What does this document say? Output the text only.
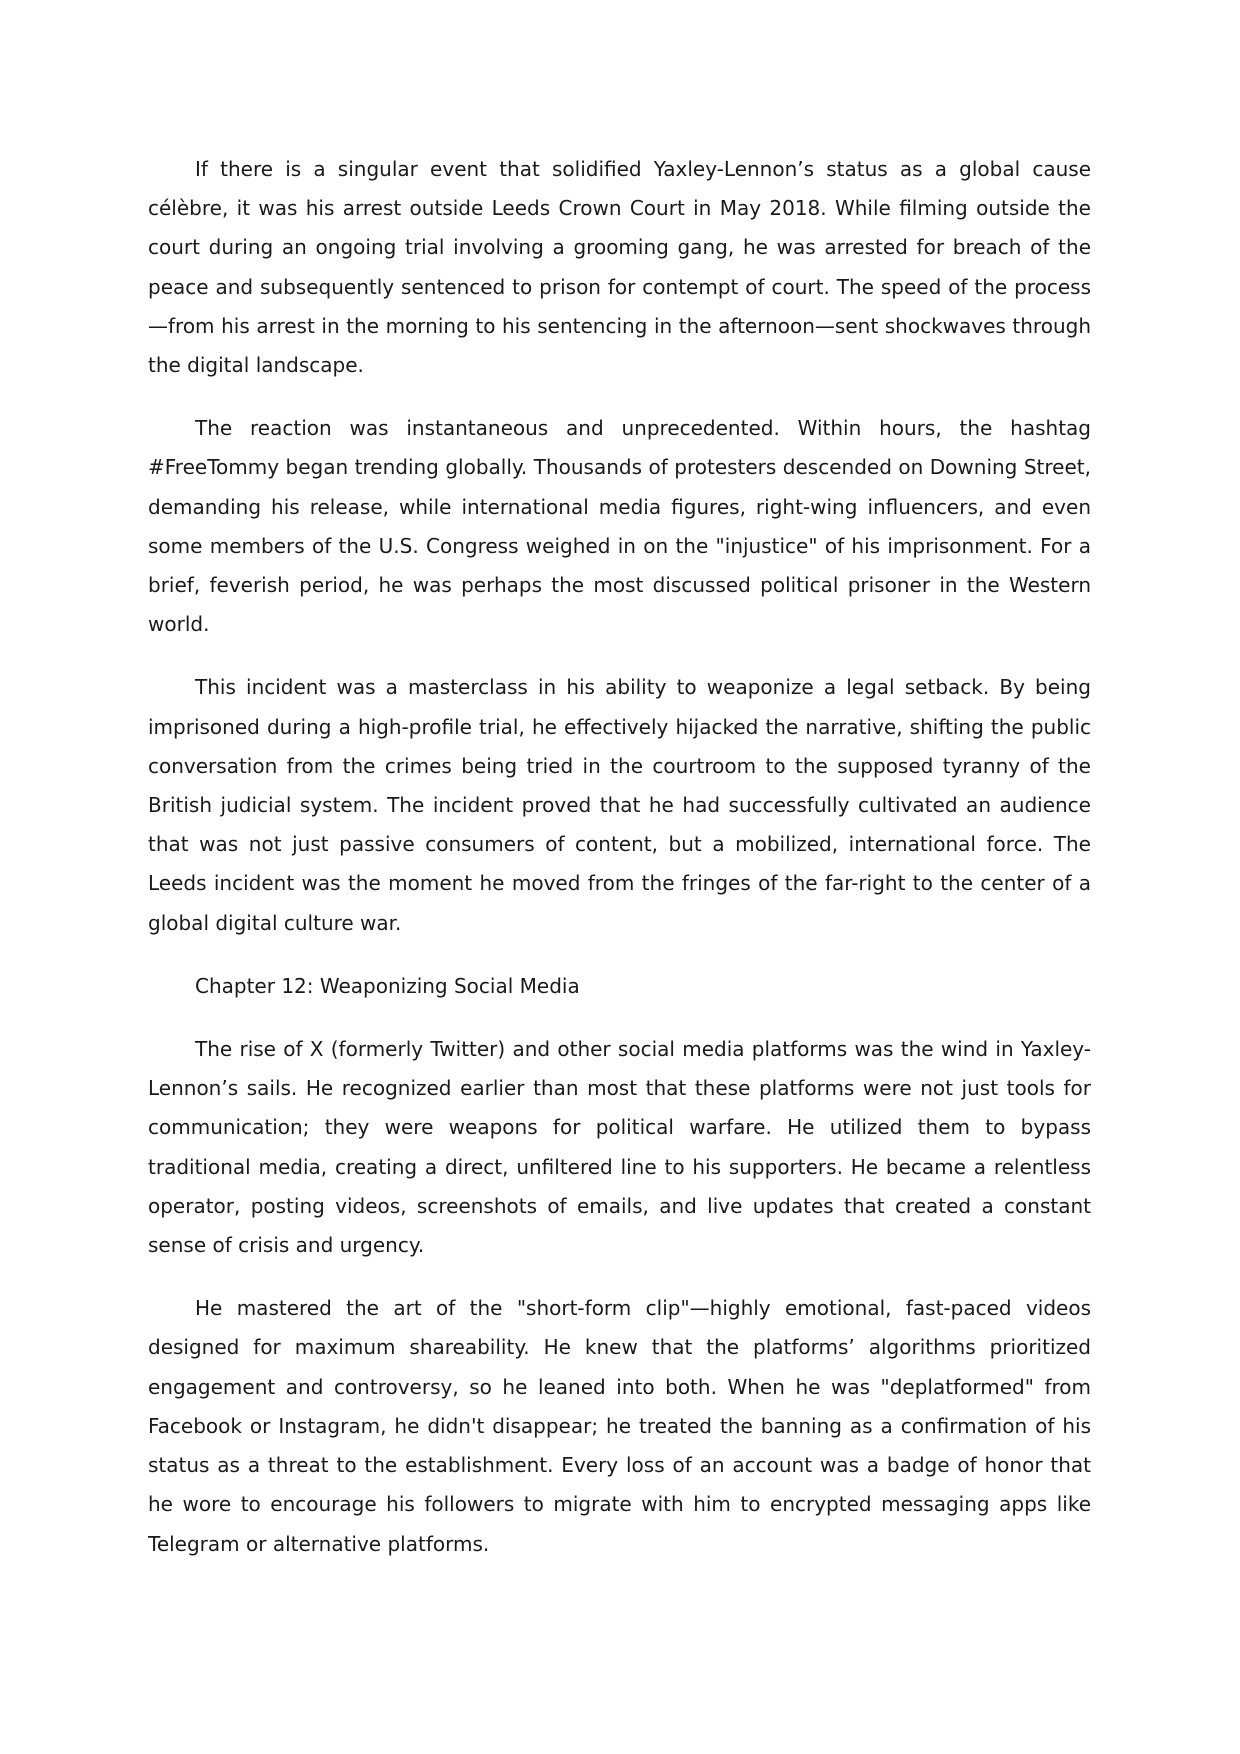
If there is a singular event that solidified Yaxley-Lennon’s status as a global cause célèbre, it was his arrest outside Leeds Crown Court in May 2018. While filming outside the court during an ongoing trial involving a grooming gang, he was arrested for breach of the peace and subsequently sentenced to prison for contempt of court. The speed of the process—from his arrest in the morning to his sentencing in the afternoon—sent shockwaves through the digital landscape.

The reaction was instantaneous and unprecedented. Within hours, the hashtag #FreeTommy began trending globally. Thousands of protesters descended on Downing Street, demanding his release, while international media figures, right-wing influencers, and even some members of the U.S. Congress weighed in on the "injustice" of his imprisonment. For a brief, feverish period, he was perhaps the most discussed political prisoner in the Western world.

This incident was a masterclass in his ability to weaponize a legal setback. By being imprisoned during a high-profile trial, he effectively hijacked the narrative, shifting the public conversation from the crimes being tried in the courtroom to the supposed tyranny of the British judicial system. The incident proved that he had successfully cultivated an audience that was not just passive consumers of content, but a mobilized, international force. The Leeds incident was the moment he moved from the fringes of the far-right to the center of a global digital culture war.

Chapter 12: Weaponizing Social Media

The rise of X (formerly Twitter) and other social media platforms was the wind in Yaxley-Lennon’s sails. He recognized earlier than most that these platforms were not just tools for communication; they were weapons for political warfare. He utilized them to bypass traditional media, creating a direct, unfiltered line to his supporters. He became a relentless operator, posting videos, screenshots of emails, and live updates that created a constant sense of crisis and urgency.

He mastered the art of the "short-form clip"—highly emotional, fast-paced videos designed for maximum shareability. He knew that the platforms’ algorithms prioritized engagement and controversy, so he leaned into both. When he was "deplatformed" from Facebook or Instagram, he didn't disappear; he treated the banning as a confirmation of his status as a threat to the establishment. Every loss of an account was a badge of honor that he wore to encourage his followers to migrate with him to encrypted messaging apps like Telegram or alternative platforms.
